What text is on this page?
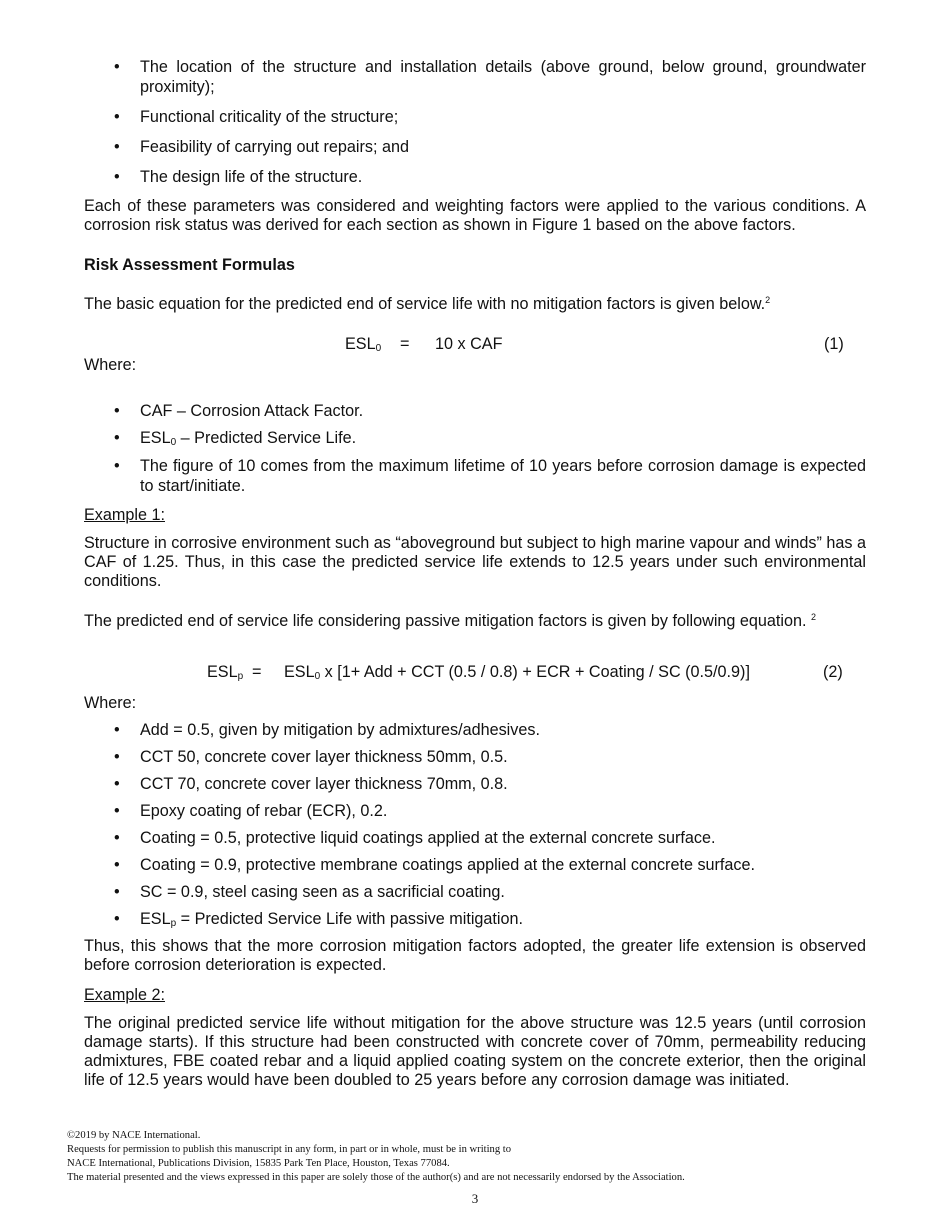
• The location of the structure and installation details (above ground, below ground, groundwater proximity);
• Functional criticality of the structure;
• Feasibility of carrying out repairs; and
• The design life of the structure.
Each of these parameters was considered and weighting factors were applied to the various conditions. A corrosion risk status was derived for each section as shown in Figure 1 based on the above factors.
Risk Assessment Formulas
The basic equation for the predicted end of service life with no mitigation factors is given below.$^2$
$ESL_0 = 10$ x CAF	(1)
Where:
• CAF – Corrosion Attack Factor.
• $ESL_0$ – Predicted Service Life.
• The figure of 10 comes from the maximum lifetime of 10 years before corrosion damage is expected to start/initiate.
Example 1:
Structure in corrosive environment such as “aboveground but subject to high marine vapour and winds” has a CAF of 1.25. Thus, in this case the predicted service life extends to 12.5 years under such environmental conditions.
The predicted end of service life considering passive mitigation factors is given by following equation. $^2$
$ESL_p = ESL_0$ x [1+ Add + CCT (0.5 / 0.8) + ECR + Coating / SC (0.5/0.9)]	(2)
Where:
• Add = 0.5, given by mitigation by admixtures/adhesives.
• CCT 50, concrete cover layer thickness 50mm, 0.5.
• CCT 70, concrete cover layer thickness 70mm, 0.8.
• Epoxy coating of rebar (ECR), 0.2.
• Coating = 0.5, protective liquid coatings applied at the external concrete surface.
• Coating = 0.9, protective membrane coatings applied at the external concrete surface.
• SC = 0.9, steel casing seen as a sacrificial coating.
• $ESL_p$ = Predicted Service Life with passive mitigation.
Thus, this shows that the more corrosion mitigation factors adopted, the greater life extension is observed before corrosion deterioration is expected.
Example 2:
The original predicted service life without mitigation for the above structure was 12.5 years (until corrosion damage starts). If this structure had been constructed with concrete cover of 70mm, permeability reducing admixtures, FBE coated rebar and a liquid applied coating system on the concrete exterior, then the original life of 12.5 years would have been doubled to 25 years before any corrosion damage was initiated.
©2019 by NACE International.
Requests for permission to publish this manuscript in any form, in part or in whole, must be in writing to
NACE International, Publications Division, 15835 Park Ten Place, Houston, Texas 77084.
The material presented and the views expressed in this paper are solely those of the author(s) and are not necessarily endorsed by the Association.
3
